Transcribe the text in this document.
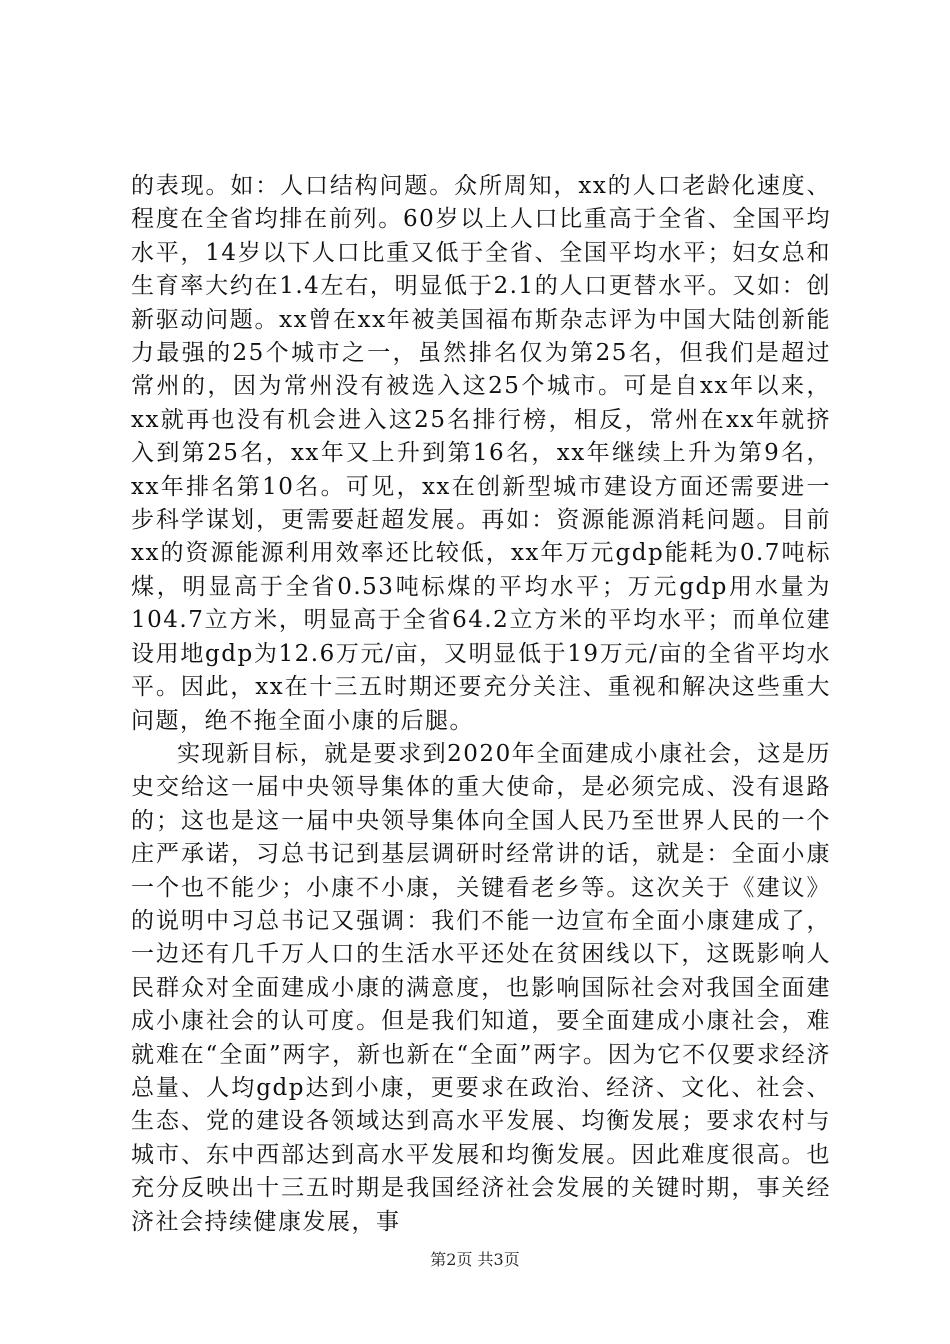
的表现。如：人口结构问题。众所周知，xx的人口老龄化速度、程度在全省均排在前列。60岁以上人口比重高于全省、全国平均水平，14岁以下人口比重又低于全省、全国平均水平；妇女总和生育率大约在1.4左右，明显低于2.1的人口更替水平。又如：创新驱动问题。xx曾在xx年被美国福布斯杂志评为中国大陆创新能力最强的25个城市之一，虽然排名仅为第25名，但我们是超过常州的，因为常州没有被选入这25个城市。可是自xx年以来，xx就再也没有机会进入这25名排行榜，相反，常州在xx年就挤入到第25名，xx年又上升到第16名，xx年继续上升为第9名，xx年排名第10名。可见，xx在创新型城市建设方面还需要进一步科学谋划，更需要赶超发展。再如：资源能源消耗问题。目前xx的资源能源利用效率还比较低，xx年万元gdp能耗为0.7吨标煤，明显高于全省0.53吨标煤的平均水平；万元gdp用水量为104.7立方米，明显高于全省64.2立方米的平均水平；而单位建设用地gdp为12.6万元/亩，又明显低于19万元/亩的全省平均水平。因此，xx在十三五时期还要充分关注、重视和解决这些重大问题，绝不拖全面小康的后腿。

实现新目标，就是要求到2020年全面建成小康社会，这是历史交给这一届中央领导集体的重大使命，是必须完成、没有退路的；这也是这一届中央领导集体向全国人民乃至世界人民的一个庄严承诺，习总书记到基层调研时经常讲的话，就是：全面小康一个也不能少；小康不小康，关键看老乡等。这次关于《建议》的说明中习总书记又强调：我们不能一边宣布全面小康建成了，一边还有几千万人口的生活水平还处在贫困线以下，这既影响人民群众对全面建成小康的满意度，也影响国际社会对我国全面建成小康社会的认可度。但是我们知道，要全面建成小康社会，难就难在“全面”两字，新也新在“全面”两字。因为它不仅要求经济总量、人均gdp达到小康，更要求在政治、经济、文化、社会、生态、党的建设各领域达到高水平发展、均衡发展；要求农村与城市、东中西部达到高水平发展和均衡发展。因此难度很高。也充分反映出十三五时期是我国经济社会发展的关键时期，事关经济社会持续健康发展，事

第2页 共3页
